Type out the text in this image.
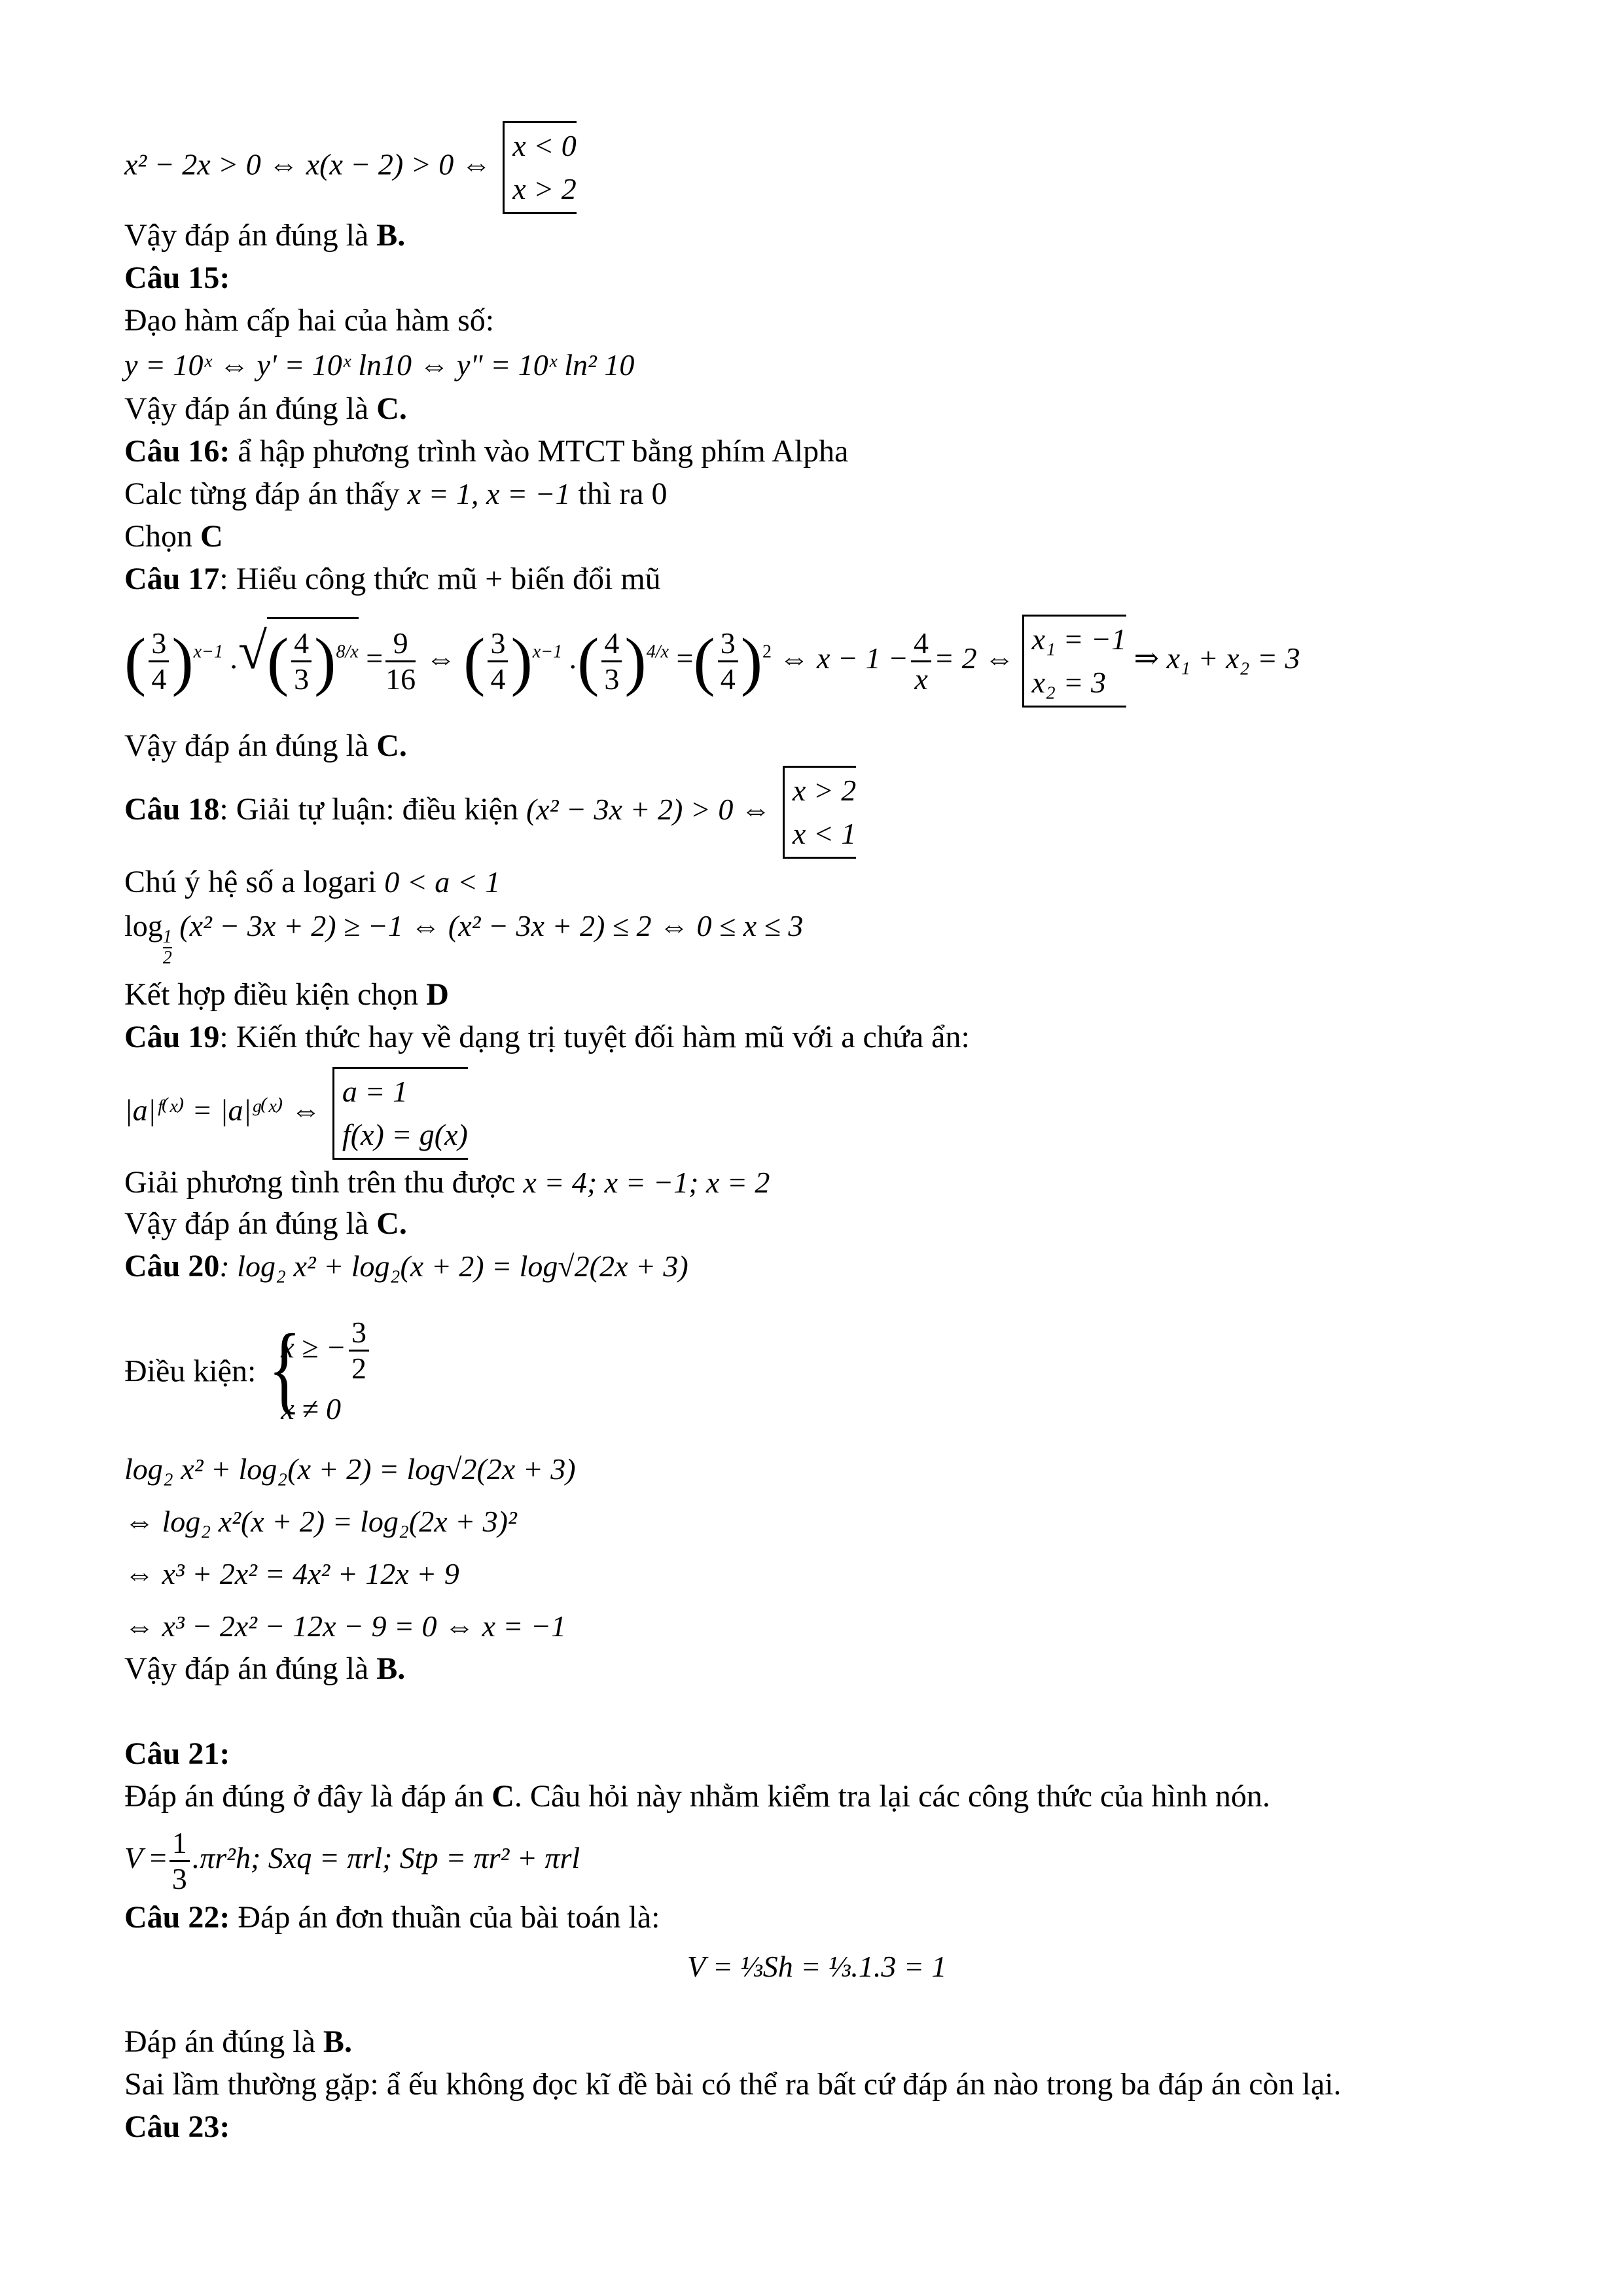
x² − 2x > 0 ⇔ x(x − 2) > 0 ⇔
x < 0
x > 2
Vậy đáp án đúng là B.
Câu 15:
Đạo hàm cấp hai của hàm số:
y = 10ˣ ⇔ y' = 10ˣ ln10 ⇔ y" = 10ˣ ln² 10
Vậy đáp án đúng là C.
Câu 16: ẩ hập phương trình vào MTCT bằng phím Alpha
Calc từng đáp án thấy x = 1, x = −1 thì ra 0
Chọn C
Câu 17: Hiểu công thức mũ + biến đổi mũ
( $\frac{3}{4} )^{x-1}$ .√( $\frac{4}{3} )^{8/x} = \frac{9}{16}$ ⇔ ( $\frac{3}{4} )^{x-1}$ .( $\frac{4}{3} )^{4/x}$ =( $\frac{3}{4} )^2$ ⇔ $x - 1 - \frac{4}{x} = 2$ ⇔
x₁ = −1
x₂ = 3
⇒ x₁ + x₂ = 3
Vậy đáp án đúng là C.
Câu 18: Giải tự luận: điều kiện (x² − 3x + 2) > 0 ⇔
x > 2
x < 1
Chú ý hệ số a logari 0 < a < 1
log
$\frac{1}{2}$
(x² − 3x + 2) ≥ −1 ⇔ (x² − 3x + 2) ≤ 2 ⇔ 0 ≤ x ≤ 3
Kết hợp điều kiện chọn D
Câu 19: Kiến thức hay về dạng trị tuyệt đối hàm mũ với a chứa ẩn:
|a|ᶠ⁽ˣ⁾ = |a|ᵍ⁽ˣ⁾ ⇔
a = 1
f(x) = g(x)
Giải phương tình trên thu được x = 4; x = −1; x = 2
Vậy đáp án đúng là C.
Câu 20: log₂ x² + log₂(x + 2) = log√2(2x + 3)
Điều kiện:
{ x ≥ − $\frac{3}{2}$
x ≠ 0
log₂ x² + log₂(x + 2) = log√2(2x + 3)
⇔ log₂ x²(x + 2) = log₂(2x + 3)²
⇔ x³ + 2x² = 4x² + 12x + 9
⇔ x³ − 2x² − 12x − 9 = 0 ⇔ x = −1
Vậy đáp án đúng là B.
Câu 21:
Đáp án đúng ở đây là đáp án C. Câu hỏi này nhằm kiểm tra lại các công thức của hình nón.
$V = \frac{1}{3} .\pi r^2h$; Sxq = πrl; Stp = πr² + πrl
Câu 22: Đáp án đơn thuần của bài toán là:
V = ⅓Sh = ⅓.1.3 = 1
Đáp án đúng là B.
Sai lầm thường gặp: ẩ ếu không đọc kĩ đề bài có thể ra bất cứ đáp án nào trong ba đáp án còn lại.
Câu 23:
